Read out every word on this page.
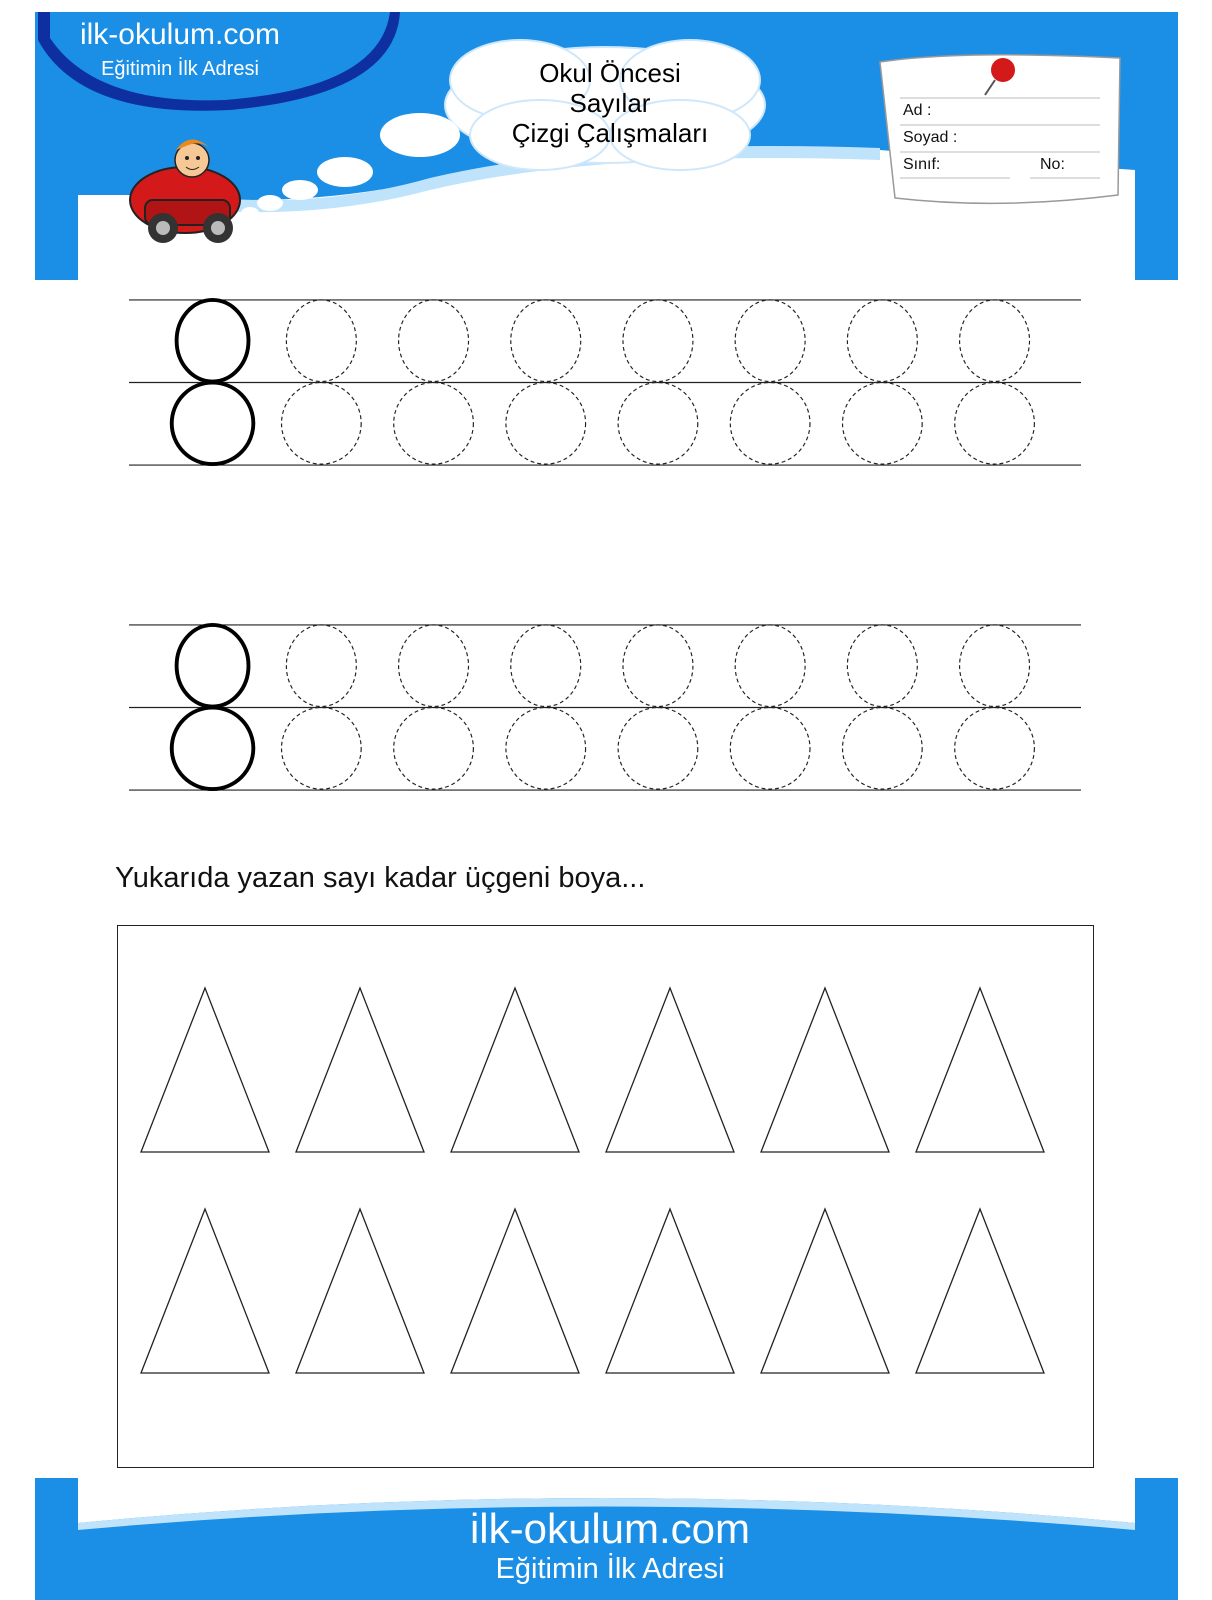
ilk-okulum.com
Eğitimin İlk Adresi	Okul Öncesi
Sayılar
Çizgi Çalışmaları
Ad :
Soyad :
Sınıf:	No:
Yukarıda yazan sayı kadar üçgeni boya...
ilk-okulum.com
Eğitimin İlk Adresi
